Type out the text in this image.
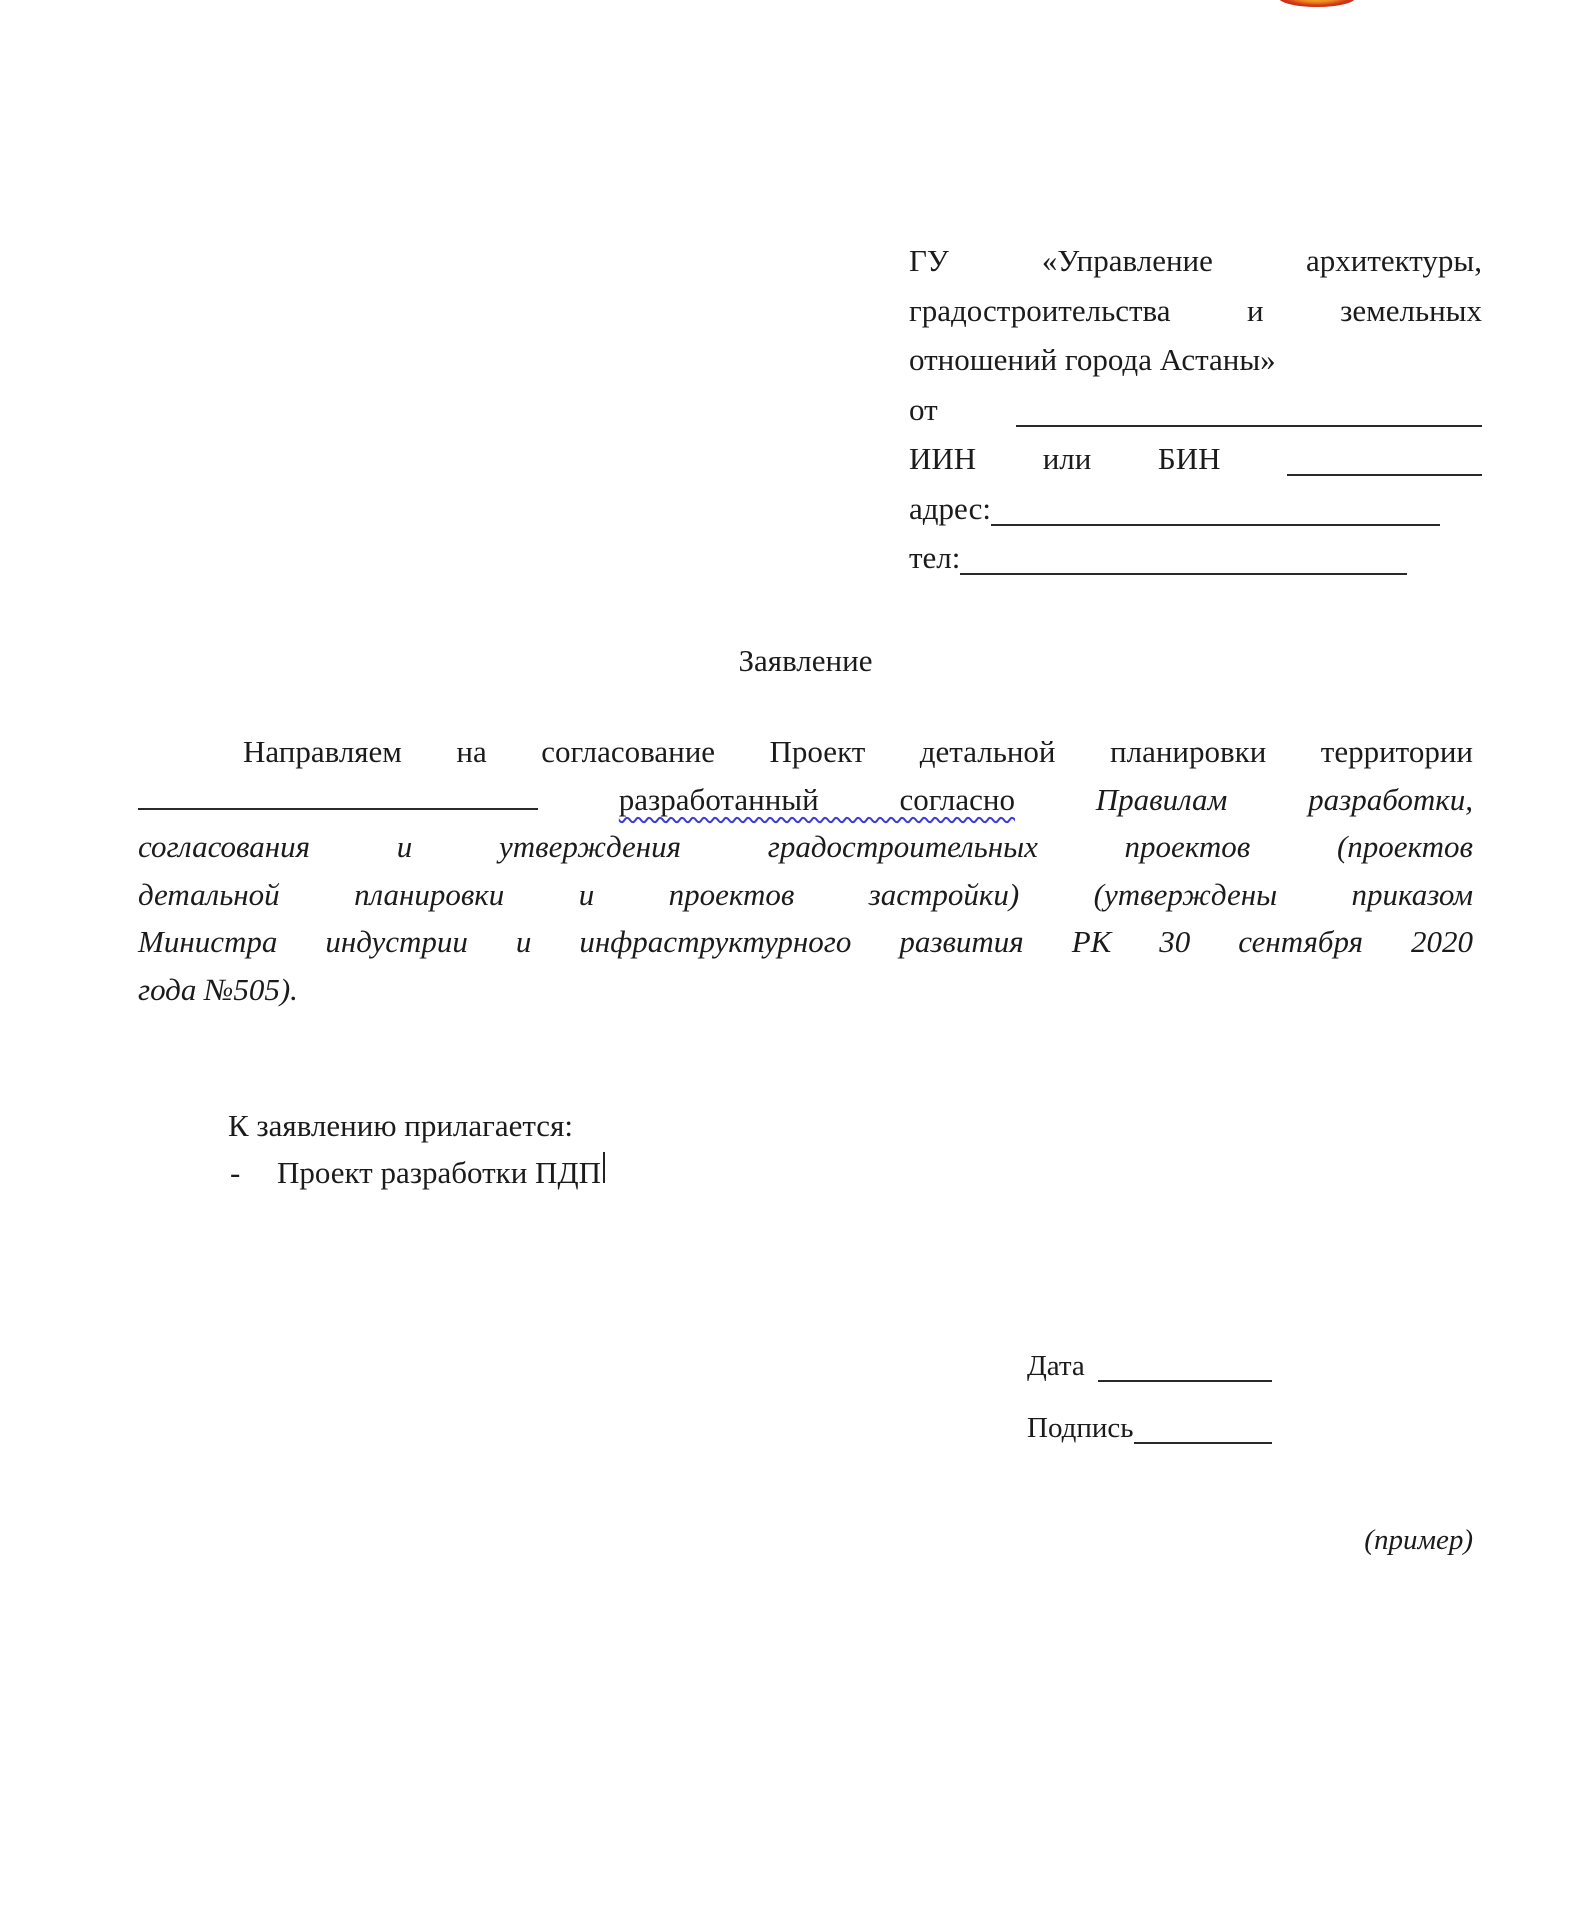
ГУ «Управление архитектуры,
градостроительства и земельных
отношений города Астаны»
от
ИИН или БИН
адрес:
тел:
Заявление
Направляем на согласование Проект детальной планировки территории
разработанный согласно	Правилам разработки,
согласования и утверждения градостроительных проектов (проектов
детальной планировки и проектов застройки) (утверждены приказом
Министра индустрии и инфраструктурного развития РК 30 сентября 2020
года №505).
К заявлению прилагается:
-	Проект разработки ПДП
Дата
Подпись
(пример)
